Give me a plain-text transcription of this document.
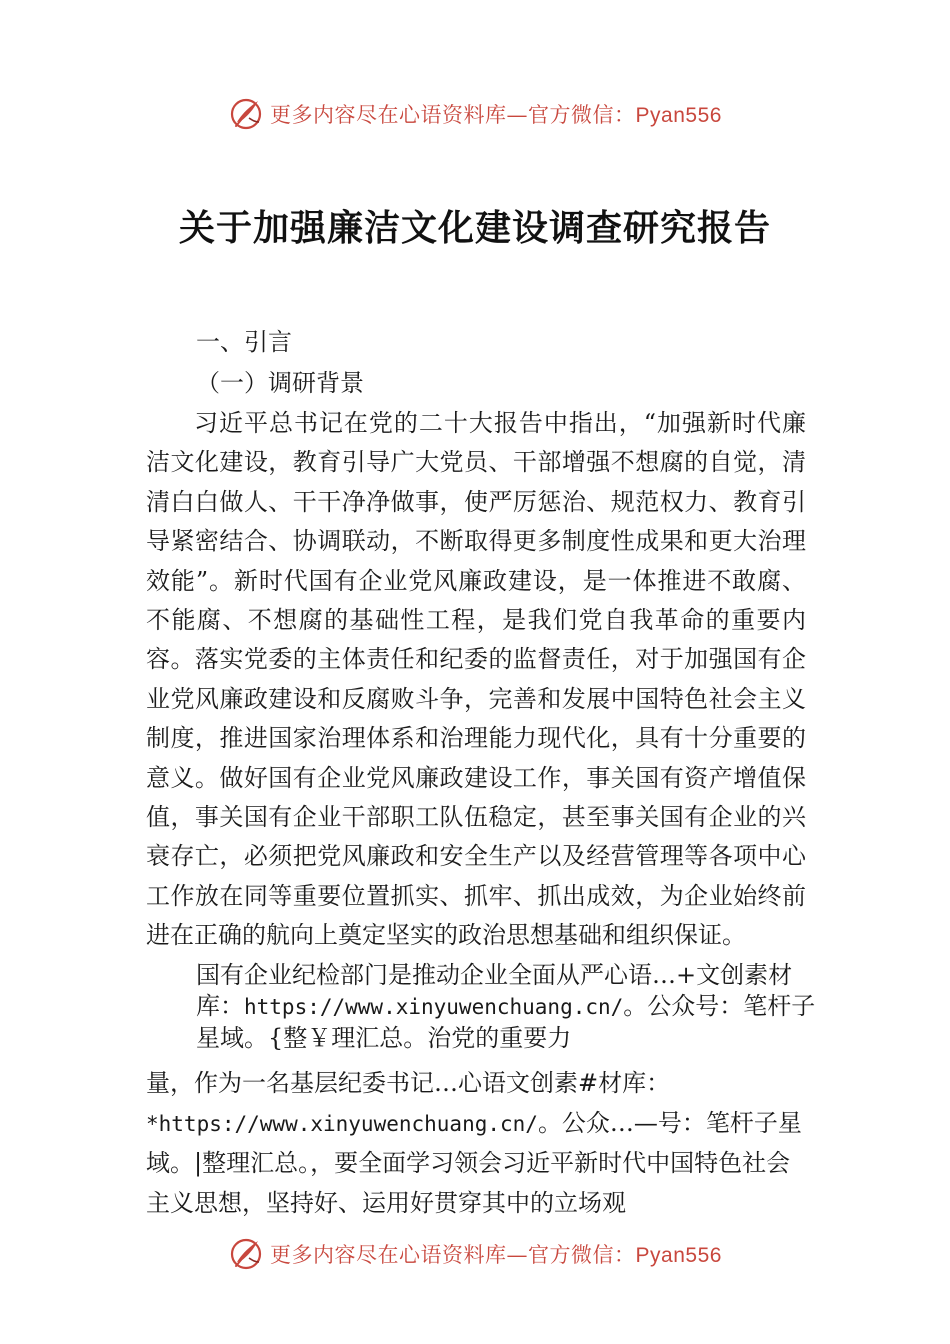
更多内容尽在心语资料库—官方微信：Pyan556
关于加强廉洁文化建设调查研究报告
一、引言
（一）调研背景
习近平总书记在党的二十大报告中指出，“加强新时代廉洁文化建设，教育引导广大党员、干部增强不想腐的自觉，清清白白做人、干干净净做事，使严厉惩治、规范权力、教育引导紧密结合、协调联动，不断取得更多制度性成果和更大治理效能”。新时代国有企业党风廉政建设，是一体推进不敢腐、不能腐、不想腐的基础性工程，是我们党自我革命的重要内容。落实党委的主体责任和纪委的监督责任，对于加强国有企业党风廉政建设和反腐败斗争，完善和发展中国特色社会主义制度，推进国家治理体系和治理能力现代化，具有十分重要的意义。做好国有企业党风廉政建设工作，事关国有资产增值保值，事关国有企业干部职工队伍稳定，甚至事关国有企业的兴衰存亡，必须把党风廉政和安全生产以及经营管理等各项中心工作放在同等重要位置抓实、抓牢、抓出成效，为企业始终前进在正确的航向上奠定坚实的政治思想基础和组织保证。
国有企业纪检部门是推动企业全面从严心语…+文创素材库：https://www.xinyuwenchuang.cn/。公众号：笔杆子星域。{整￥理汇总。治党的重要力
量，作为一名基层纪委书记…心语文创素#材库：
*https://www.xinyuwenchuang.cn/。公众…—号：笔杆子星域。|整理汇总。，要全面学习领会习近平新时代中国特色社会主义思想，坚持好、运用好贯穿其中的立场观
更多内容尽在心语资料库—官方微信：Pyan556
